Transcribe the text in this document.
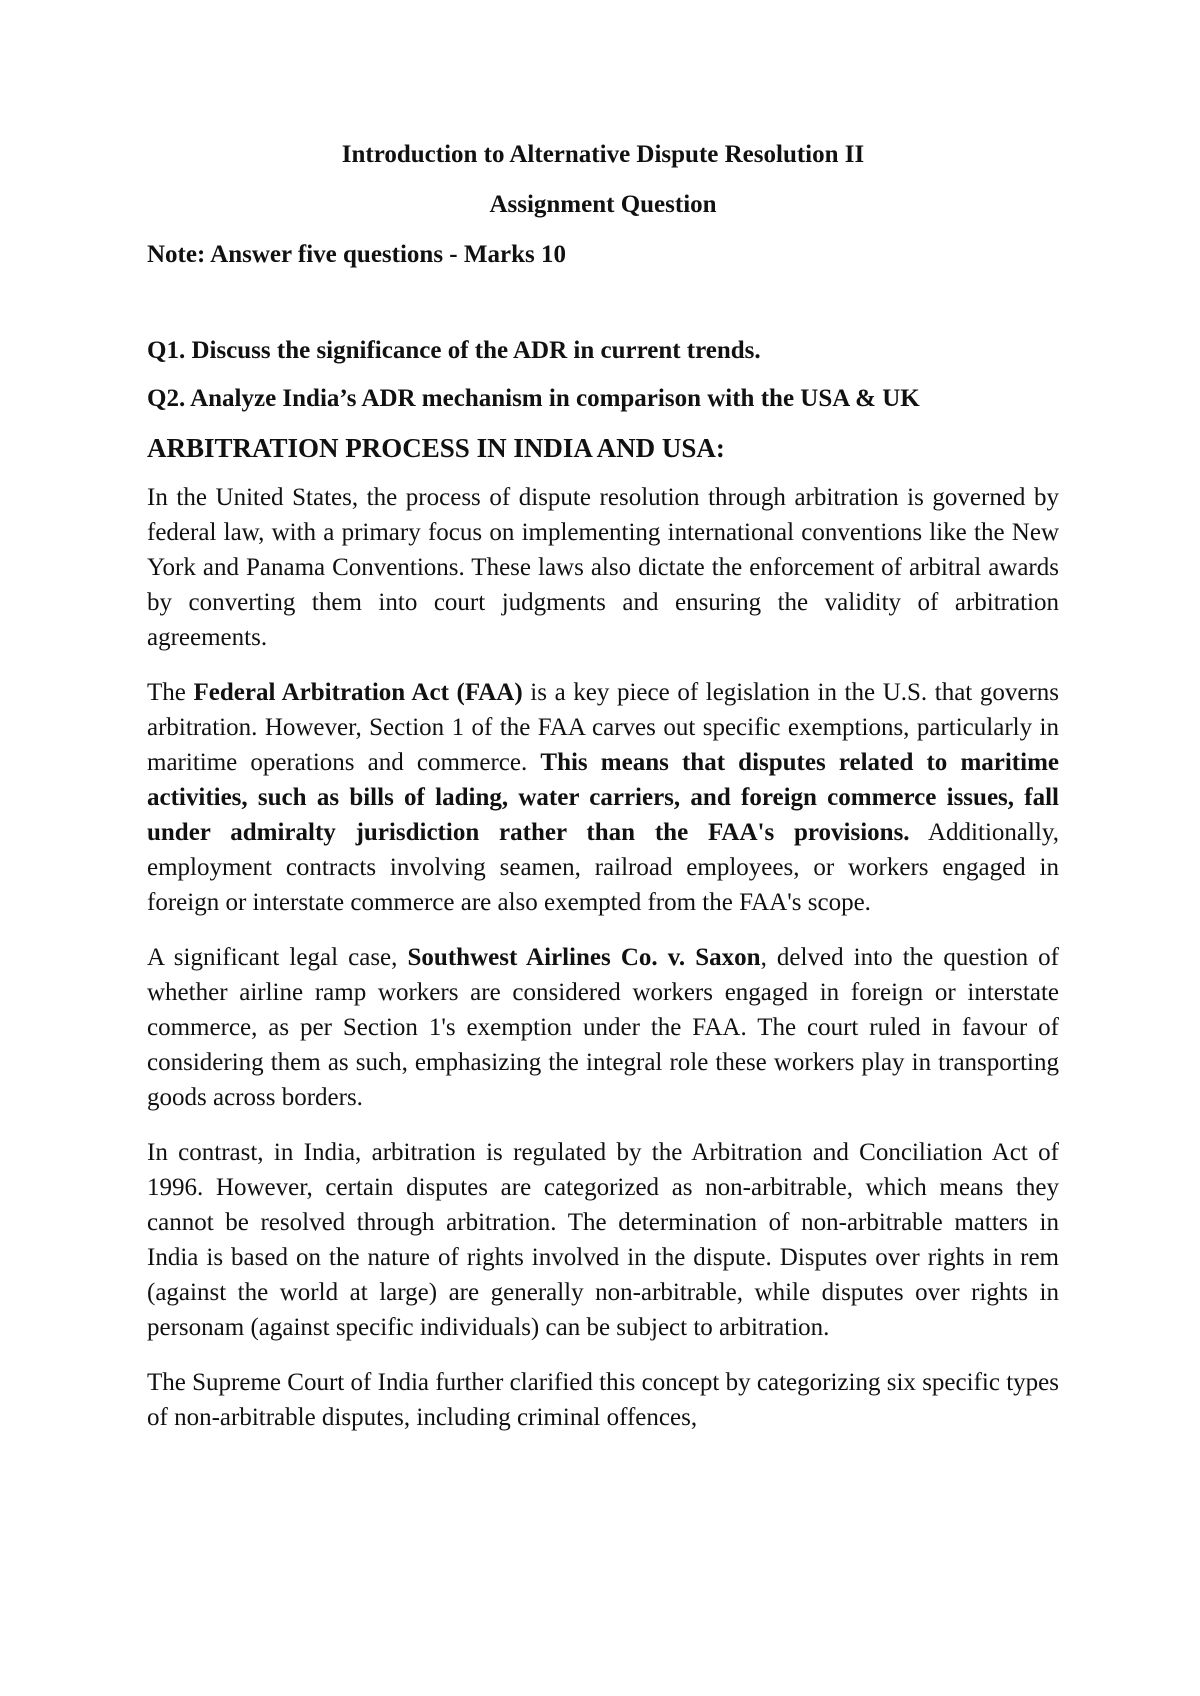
Introduction to Alternative Dispute Resolution II

Assignment Question

Note: Answer five questions - Marks 10

Q1. Discuss the significance of the ADR in current trends.

Q2. Analyze India’s ADR mechanism in comparison with the USA & UK

ARBITRATION PROCESS IN INDIA AND USA:

In the United States, the process of dispute resolution through arbitration is governed by federal law, with a primary focus on implementing international conventions like the New York and Panama Conventions. These laws also dictate the enforcement of arbitral awards by converting them into court judgments and ensuring the validity of arbitration agreements.

The Federal Arbitration Act (FAA) is a key piece of legislation in the U.S. that governs arbitration. However, Section 1 of the FAA carves out specific exemptions, particularly in maritime operations and commerce. This means that disputes related to maritime activities, such as bills of lading, water carriers, and foreign commerce issues, fall under admiralty jurisdiction rather than the FAA's provisions. Additionally, employment contracts involving seamen, railroad employees, or workers engaged in foreign or interstate commerce are also exempted from the FAA's scope.

A significant legal case, Southwest Airlines Co. v. Saxon, delved into the question of whether airline ramp workers are considered workers engaged in foreign or interstate commerce, as per Section 1's exemption under the FAA. The court ruled in favour of considering them as such, emphasizing the integral role these workers play in transporting goods across borders.

In contrast, in India, arbitration is regulated by the Arbitration and Conciliation Act of 1996. However, certain disputes are categorized as non-arbitrable, which means they cannot be resolved through arbitration. The determination of non-arbitrable matters in India is based on the nature of rights involved in the dispute. Disputes over rights in rem (against the world at large) are generally non-arbitrable, while disputes over rights in personam (against specific individuals) can be subject to arbitration.

The Supreme Court of India further clarified this concept by categorizing six specific types of non-arbitrable disputes, including criminal offences,
